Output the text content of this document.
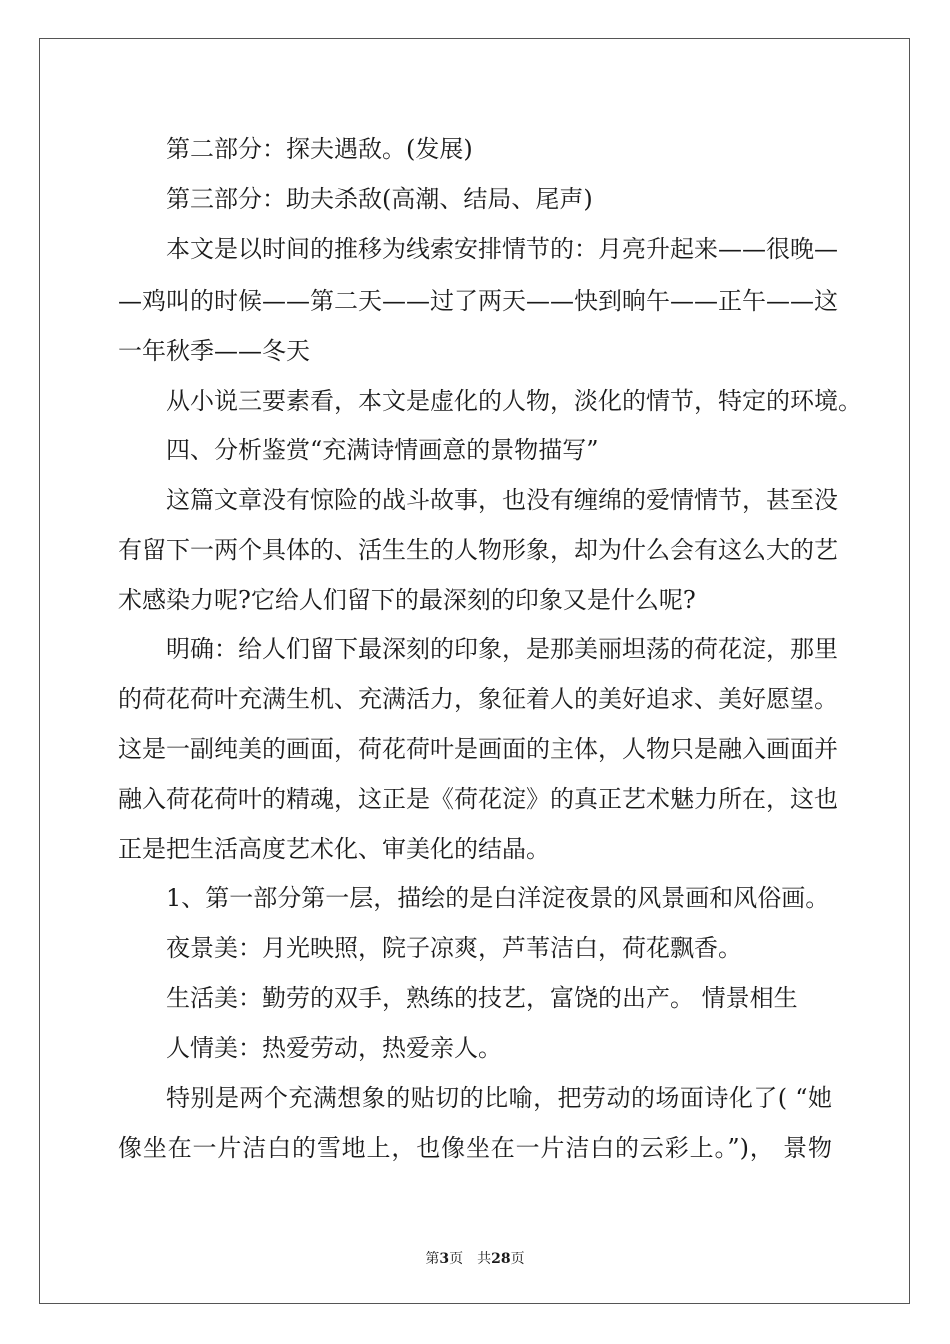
第二部分：探夫遇敌。(发展)
第三部分：助夫杀敌(高潮、结局、尾声)
本文是以时间的推移为线索安排情节的：月亮升起来——很晚—
—鸡叫的时候——第二天——过了两天——快到晌午——正午——这
一年秋季——冬天
从小说三要素看，本文是虚化的人物，淡化的情节，特定的环境。
四、分析鉴赏“充满诗情画意的景物描写”
这篇文章没有惊险的战斗故事，也没有缠绵的爱情情节，甚至没
有留下一两个具体的、活生生的人物形象，却为什么会有这么大的艺
术感染力呢?它给人们留下的最深刻的印象又是什么呢?
明确：给人们留下最深刻的印象，是那美丽坦荡的荷花淀，那里
的荷花荷叶充满生机、充满活力，象征着人的美好追求、美好愿望。
这是一副纯美的画面，荷花荷叶是画面的主体，人物只是融入画面并
融入荷花荷叶的精魂，这正是《荷花淀》的真正艺术魅力所在，这也
正是把生活高度艺术化、审美化的结晶。
1、第一部分第一层，描绘的是白洋淀夜景的风景画和风俗画。
夜景美：月光映照，院子凉爽，芦苇洁白，荷花飘香。
生活美：勤劳的双手，熟练的技艺，富饶的出产。 情景相生
人情美：热爱劳动，热爱亲人。
特别是两个充满想象的贴切的比喻，把劳动的场面诗化了( “她
像坐在一片洁白的雪地上，也像坐在一片洁白的云彩上。”)， 景物
第3页　共28页
